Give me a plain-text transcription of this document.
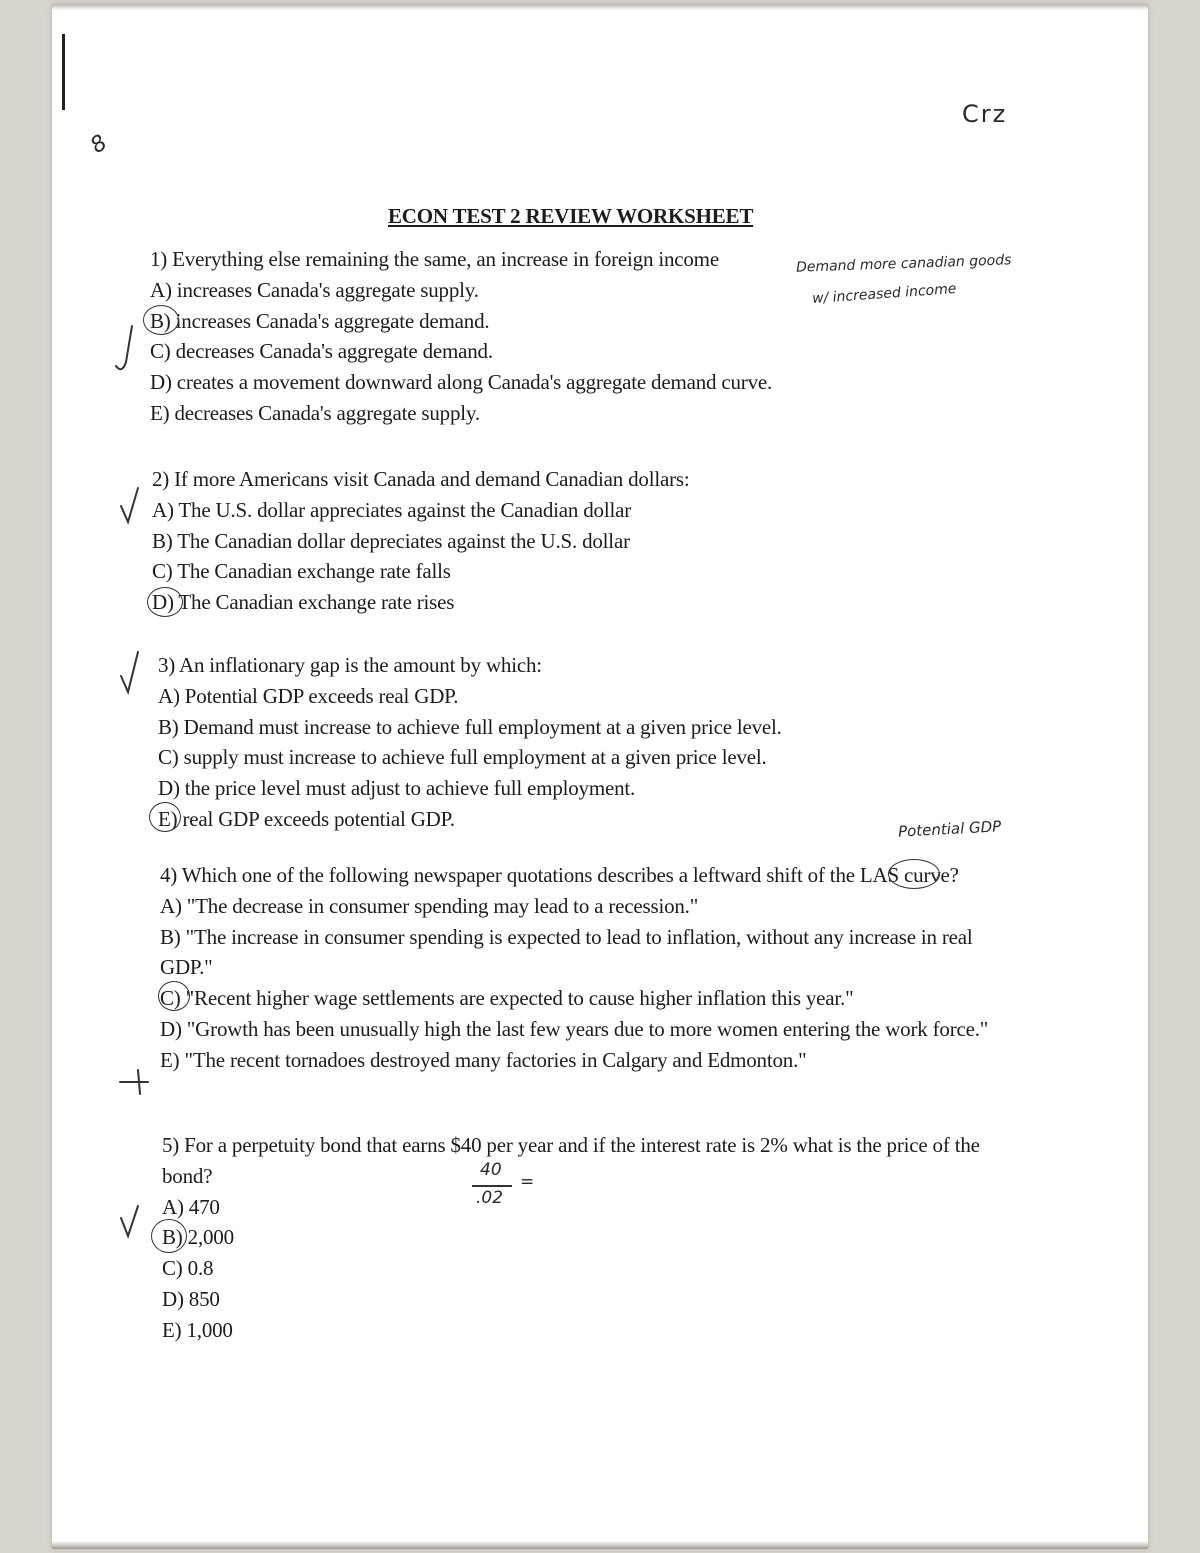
8
Crz
ECON TEST 2 REVIEW WORKSHEET

1) Everything else remaining the same, an increase in foreign income

A) increases Canada's aggregate supply.

B) increases Canada's aggregate demand.

C) decreases Canada's aggregate demand.

D) creates a movement downward along Canada's aggregate demand curve.

E) decreases Canada's aggregate supply.

Demand more canadian goods
w/ increased income

2) If more Americans visit Canada and demand Canadian dollars:

A) The U.S. dollar appreciates against the Canadian dollar

B) The Canadian dollar depreciates against the U.S. dollar

C) The Canadian exchange rate falls

D) The Canadian exchange rate rises

3) An inflationary gap is the amount by which:

A) Potential GDP exceeds real GDP.

B) Demand must increase to achieve full employment at a given price level.

C) supply must increase to achieve full employment at a given price level.

D) the price level must adjust to achieve full employment.

E) real GDP exceeds potential GDP.	Potential GDP

4) Which one of the following newspaper quotations describes a leftward shift of the LAS curve?

A) "The decrease in consumer spending may lead to a recession."

B) "The increase in consumer spending is expected to lead to inflation, without any increase in real GDP."

C) "Recent higher wage settlements are expected to cause higher inflation this year."

D) "Growth has been unusually high the last few years due to more women entering the work force."

E) "The recent tornadoes destroyed many factories in Calgary and Edmonton."

5) For a perpetuity bond that earns $40 per year and if the interest rate is 2% what is the price of the bond?

A) 470

B) 2,000

C) 0.8

D) 850

E) 1,000

40
.02
=
